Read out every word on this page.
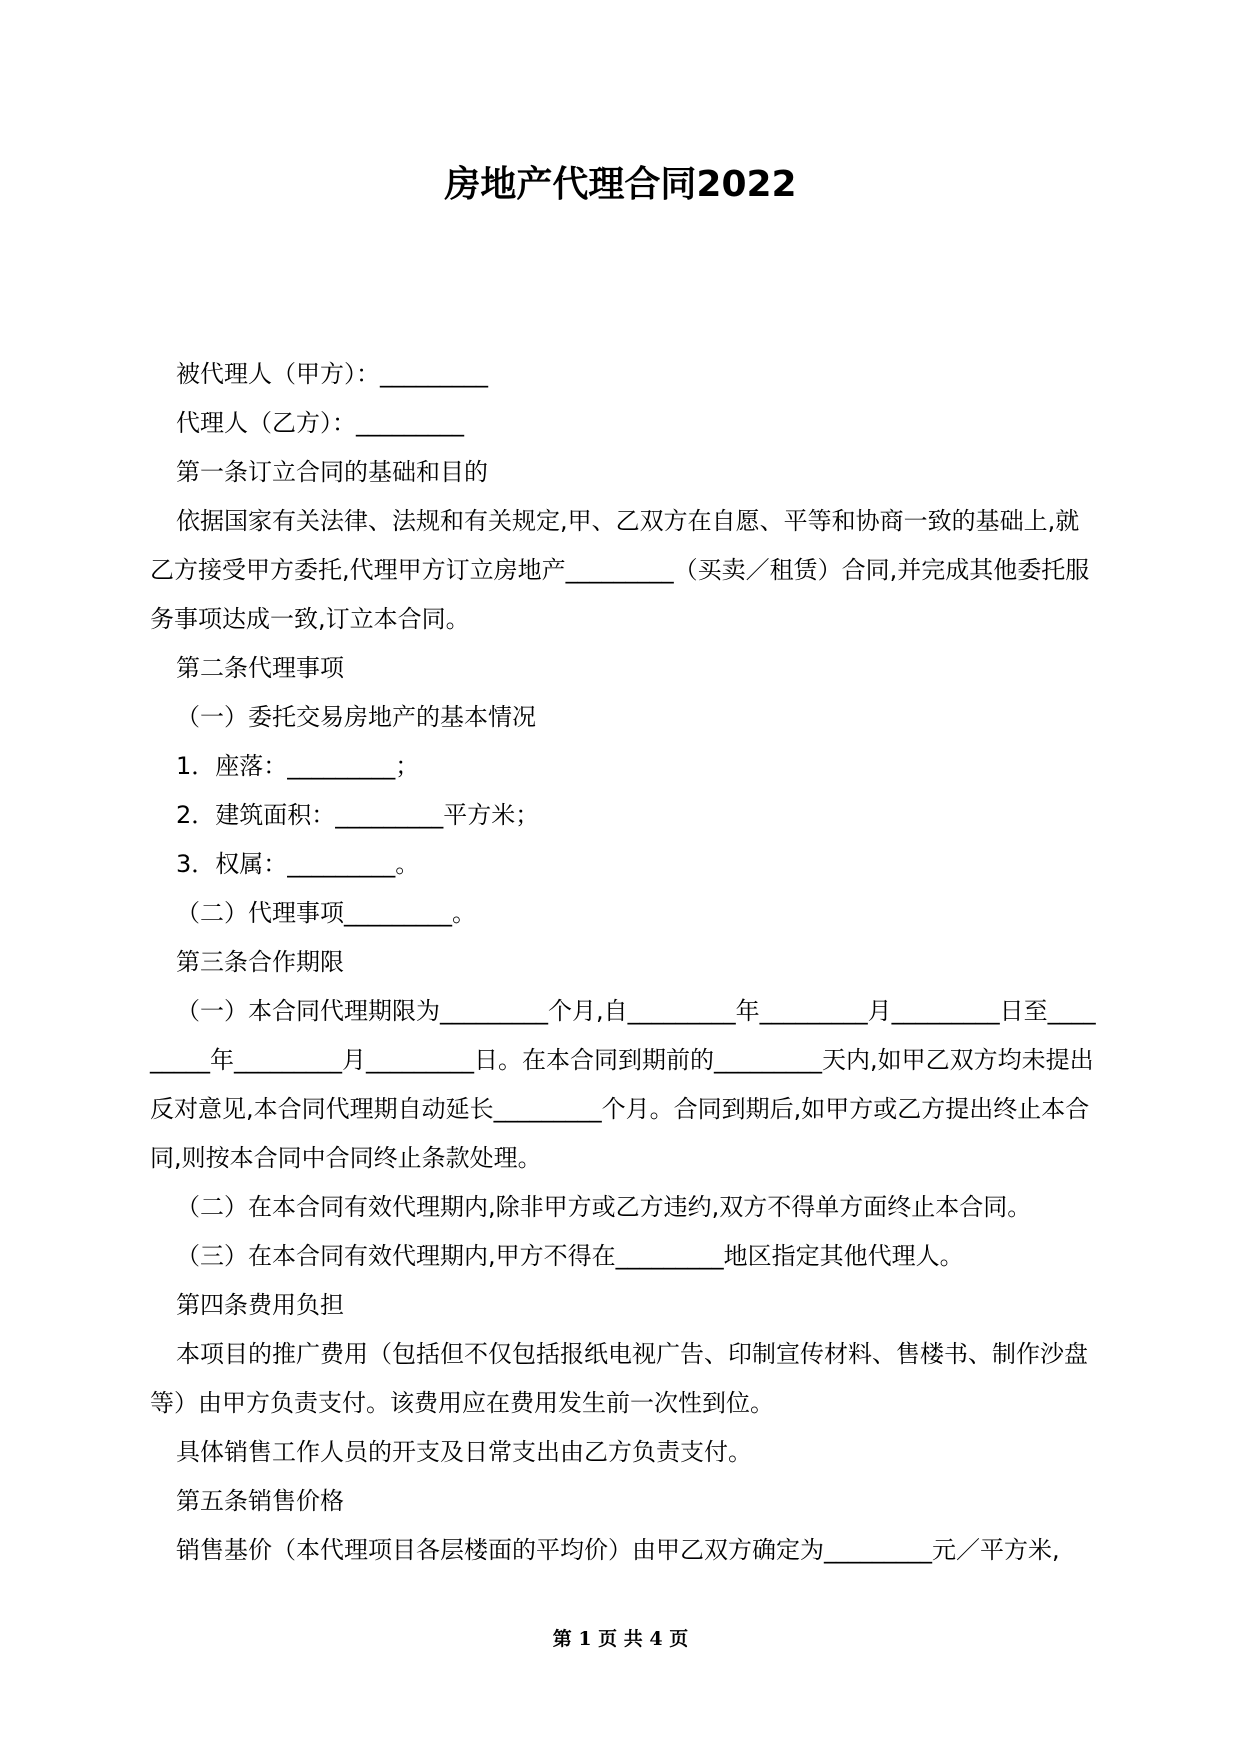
房地产代理合同2022

被代理人（甲方）：_________

代理人（乙方）：_________

第一条订立合同的基础和目的

依据国家有关法律、法规和有关规定,甲、乙双方在自愿、平等和协商一致的基础上,就乙方接受甲方委托,代理甲方订立房地产_________（买卖／租赁）合同,并完成其他委托服务事项达成一致,订立本合同。

第二条代理事项

（一）委托交易房地产的基本情况

1．座落：_________；

2．建筑面积：_________平方米；

3．权属：_________。

（二）代理事项_________。

第三条合作期限

（一）本合同代理期限为_________个月,自_________年_________月_________日至_________年_________月_________日。在本合同到期前的_________天内,如甲乙双方均未提出反对意见,本合同代理期自动延长_________个月。合同到期后,如甲方或乙方提出终止本合同,则按本合同中合同终止条款处理。

（二）在本合同有效代理期内,除非甲方或乙方违约,双方不得单方面终止本合同。

（三）在本合同有效代理期内,甲方不得在_________地区指定其他代理人。

第四条费用负担

本项目的推广费用（包括但不仅包括报纸电视广告、印制宣传材料、售楼书、制作沙盘等）由甲方负责支付。该费用应在费用发生前一次性到位。

具体销售工作人员的开支及日常支出由乙方负责支付。

第五条销售价格

销售基价（本代理项目各层楼面的平均价）由甲乙双方确定为_________元／平方米,

第 1 页 共 4 页
